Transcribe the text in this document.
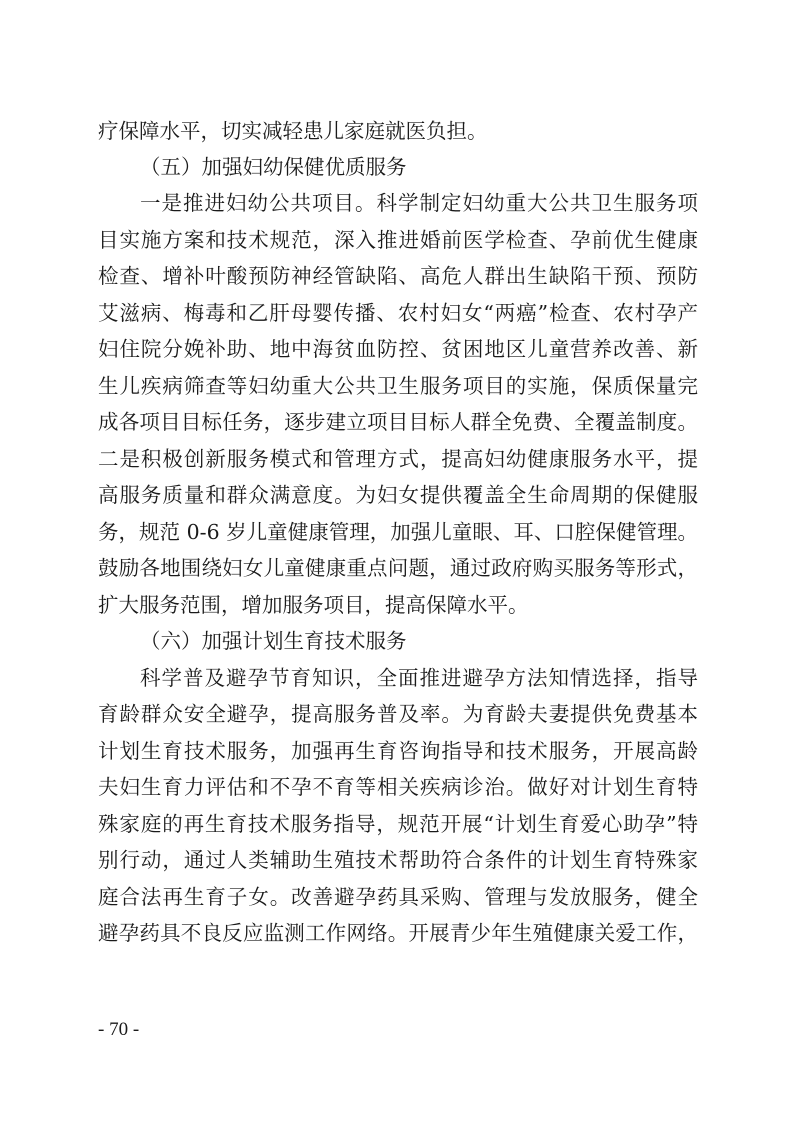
疗保障水平，切实减轻患儿家庭就医负担。
（五）加强妇幼保健优质服务
一是推进妇幼公共项目。科学制定妇幼重大公共卫生服务项
目实施方案和技术规范，深入推进婚前医学检查、孕前优生健康
检查、增补叶酸预防神经管缺陷、高危人群出生缺陷干预、预防
艾滋病、梅毒和乙肝母婴传播、农村妇女“两癌”检查、农村孕产
妇住院分娩补助、地中海贫血防控、贫困地区儿童营养改善、新
生儿疾病筛查等妇幼重大公共卫生服务项目的实施，保质保量完
成各项目目标任务，逐步建立项目目标人群全免费、全覆盖制度。
二是积极创新服务模式和管理方式，提高妇幼健康服务水平，提
高服务质量和群众满意度。为妇女提供覆盖全生命周期的保健服
务，规范 0-6 岁儿童健康管理，加强儿童眼、耳、口腔保健管理。
鼓励各地围绕妇女儿童健康重点问题，通过政府购买服务等形式，
扩大服务范围，增加服务项目，提高保障水平。
（六）加强计划生育技术服务
科学普及避孕节育知识，全面推进避孕方法知情选择，指导
育龄群众安全避孕，提高服务普及率。为育龄夫妻提供免费基本
计划生育技术服务，加强再生育咨询指导和技术服务，开展高龄
夫妇生育力评估和不孕不育等相关疾病诊治。做好对计划生育特
殊家庭的再生育技术服务指导，规范开展“计划生育爱心助孕”特
别行动，通过人类辅助生殖技术帮助符合条件的计划生育特殊家
庭合法再生育子女。改善避孕药具采购、管理与发放服务，健全
避孕药具不良反应监测工作网络。开展青少年生殖健康关爱工作，
- 70 -
